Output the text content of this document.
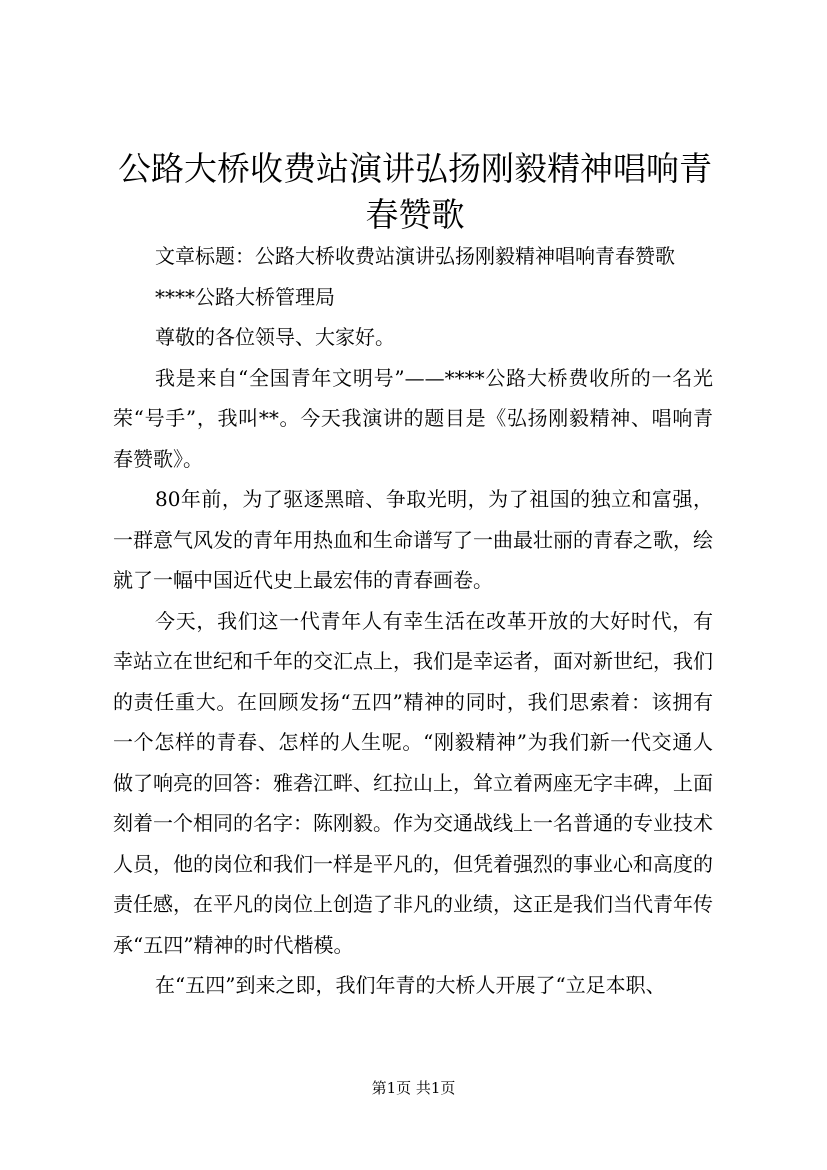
公路大桥收费站演讲弘扬刚毅精神唱响青春赞歌

文章标题：公路大桥收费站演讲弘扬刚毅精神唱响青春赞歌

****公路大桥管理局

尊敬的各位领导、大家好。

我是来自“全国青年文明号”——****公路大桥费收所的一名光荣“号手”，我叫**。今天我演讲的题目是《弘扬刚毅精神、唱响青春赞歌》。

80年前，为了驱逐黑暗、争取光明，为了祖国的独立和富强，一群意气风发的青年用热血和生命谱写了一曲最壮丽的青春之歌，绘就了一幅中国近代史上最宏伟的青春画卷。

今天，我们这一代青年人有幸生活在改革开放的大好时代，有幸站立在世纪和千年的交汇点上，我们是幸运者，面对新世纪，我们的责任重大。在回顾发扬“五四”精神的同时，我们思索着：该拥有一个怎样的青春、怎样的人生呢。“刚毅精神”为我们新一代交通人做了响亮的回答：雅砻江畔、红拉山上，耸立着两座无字丰碑，上面刻着一个相同的名字：陈刚毅。作为交通战线上一名普通的专业技术人员，他的岗位和我们一样是平凡的，但凭着强烈的事业心和高度的责任感，在平凡的岗位上创造了非凡的业绩，这正是我们当代青年传承“五四”精神的时代楷模。

在“五四”到来之即，我们年青的大桥人开展了“立足本职、

第1页 共1页
